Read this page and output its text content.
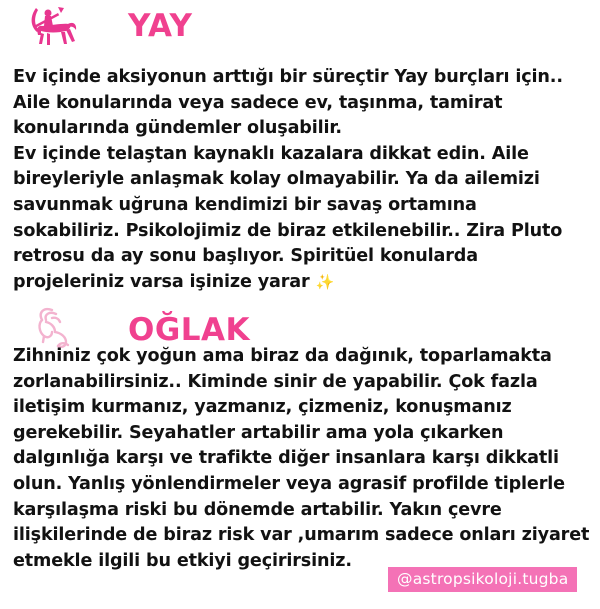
YAY
Ev içinde aksiyonun arttığı bir süreçtir Yay burçları için..
Aile konularında veya sadece ev, taşınma, tamirat
konularında gündemler oluşabilir.
Ev içinde telaştan kaynaklı kazalara dikkat edin. Aile
bireyleriyle anlaşmak kolay olmayabilir. Ya da ailemizi
savunmak uğruna kendimizi bir savaş ortamına
sokabiliriz. Psikolojimiz de biraz etkilenebilir.. Zira Pluto
retrosu da ay sonu başlıyor. Spiritüel konularda
projeleriniz varsa işinize yarar ✨
OĞLAK
Zihniniz çok yoğun ama biraz da dağınık, toparlamakta
zorlanabilirsiniz.. Kiminde sinir de yapabilir. Çok fazla
iletişim kurmanız, yazmanız, çizmeniz, konuşmanız
gerekebilir. Seyahatler artabilir ama yola çıkarken
dalgınlığa karşı ve trafikte diğer insanlara karşı dikkatli
olun. Yanlış yönlendirmeler veya agrasif profilde tiplerle
karşılaşma riski bu dönemde artabilir. Yakın çevre
ilişkilerinde de biraz risk var ,umarım sadece onları ziyaret
etmekle ilgili bu etkiyi geçirirsiniz.
@astropsikoloji.tugba
